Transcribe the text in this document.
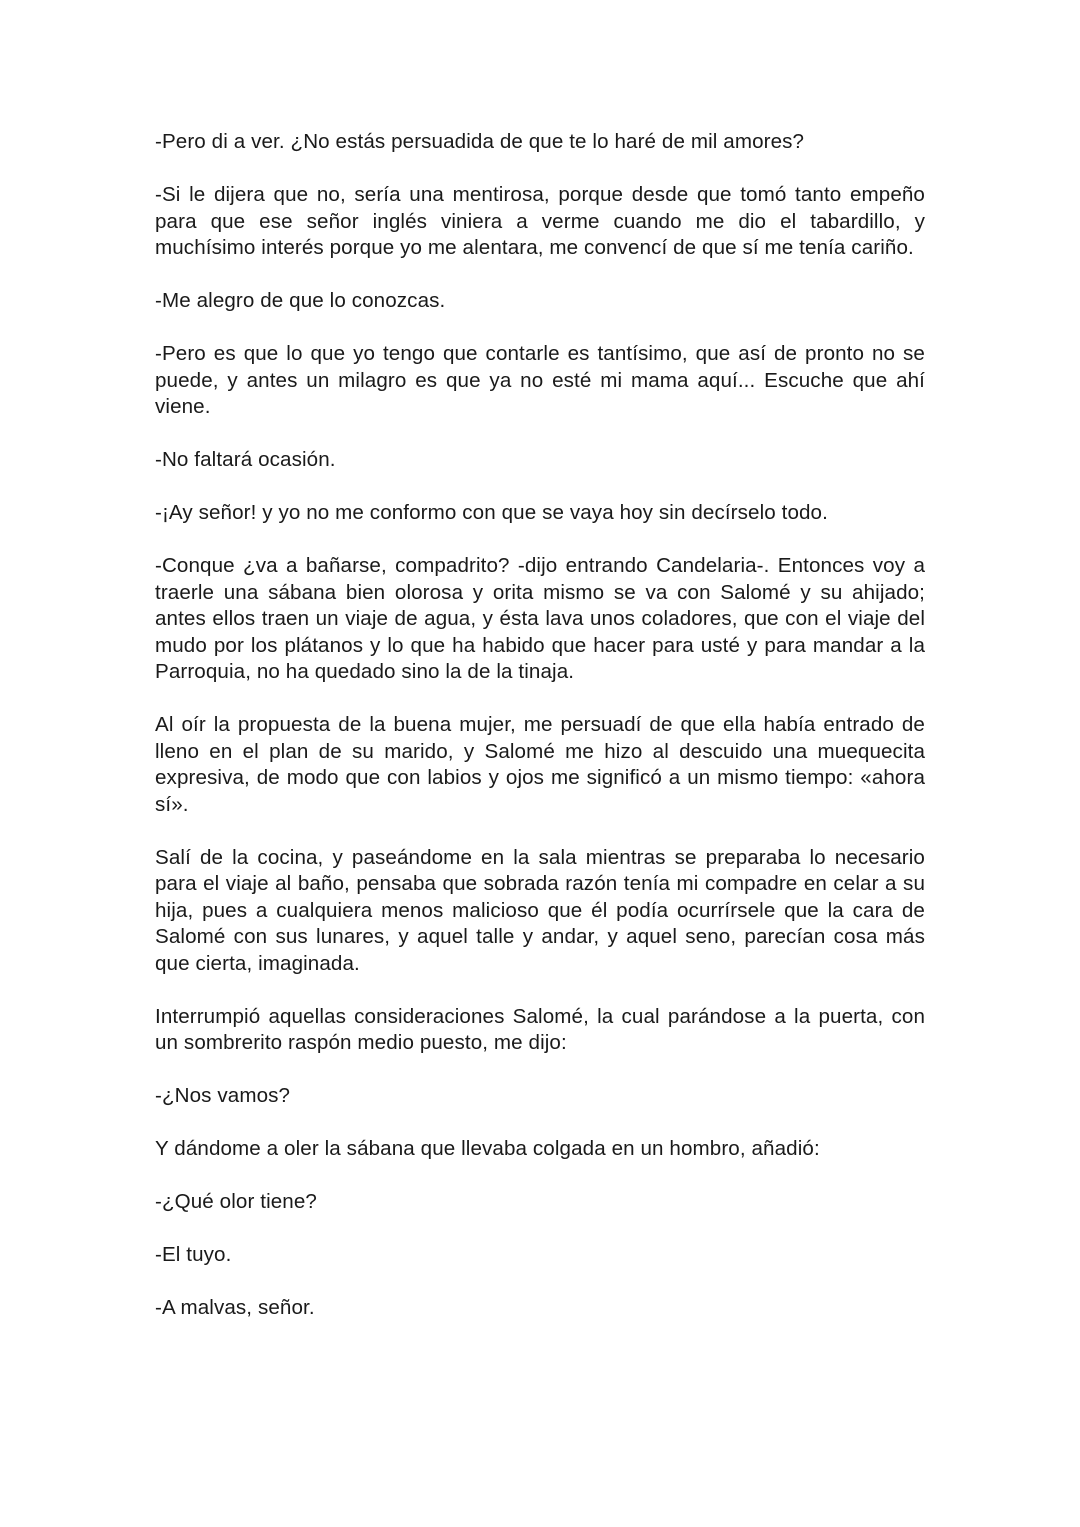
-Pero di a ver. ¿No estás persuadida de que te lo haré de mil amores?

-Si le dijera que no, sería una mentirosa, porque desde que tomó tanto empeño para que ese señor inglés viniera a verme cuando me dio el tabardillo, y muchísimo interés porque yo me alentara, me convencí de que sí me tenía cariño.

-Me alegro de que lo conozcas.

-Pero es que lo que yo tengo que contarle es tantísimo, que así de pronto no se puede, y antes un milagro es que ya no esté mi mama aquí... Escuche que ahí viene.

-No faltará ocasión.

-¡Ay señor! y yo no me conformo con que se vaya hoy sin decírselo todo.

-Conque ¿va a bañarse, compadrito? -dijo entrando Candelaria-. Entonces voy a traerle una sábana bien olorosa y orita mismo se va con Salomé y su ahijado; antes ellos traen un viaje de agua, y ésta lava unos coladores, que con el viaje del mudo por los plátanos y lo que ha habido que hacer para usté y para mandar a la Parroquia, no ha quedado sino la de la tinaja.

Al oír la propuesta de la buena mujer, me persuadí de que ella había entrado de lleno en el plan de su marido, y Salomé me hizo al descuido una muequecita expresiva, de modo que con labios y ojos me significó a un mismo tiempo: «ahora sí».

Salí de la cocina, y paseándome en la sala mientras se preparaba lo necesario para el viaje al baño, pensaba que sobrada razón tenía mi compadre en celar a su hija, pues a cualquiera menos malicioso que él podía ocurrírsele que la cara de Salomé con sus lunares, y aquel talle y andar, y aquel seno, parecían cosa más que cierta, imaginada.

Interrumpió aquellas consideraciones Salomé, la cual parándose a la puerta, con un sombrerito raspón medio puesto, me dijo:

-¿Nos vamos?

Y dándome a oler la sábana que llevaba colgada en un hombro, añadió:

-¿Qué olor tiene?

-El tuyo.

-A malvas, señor.
